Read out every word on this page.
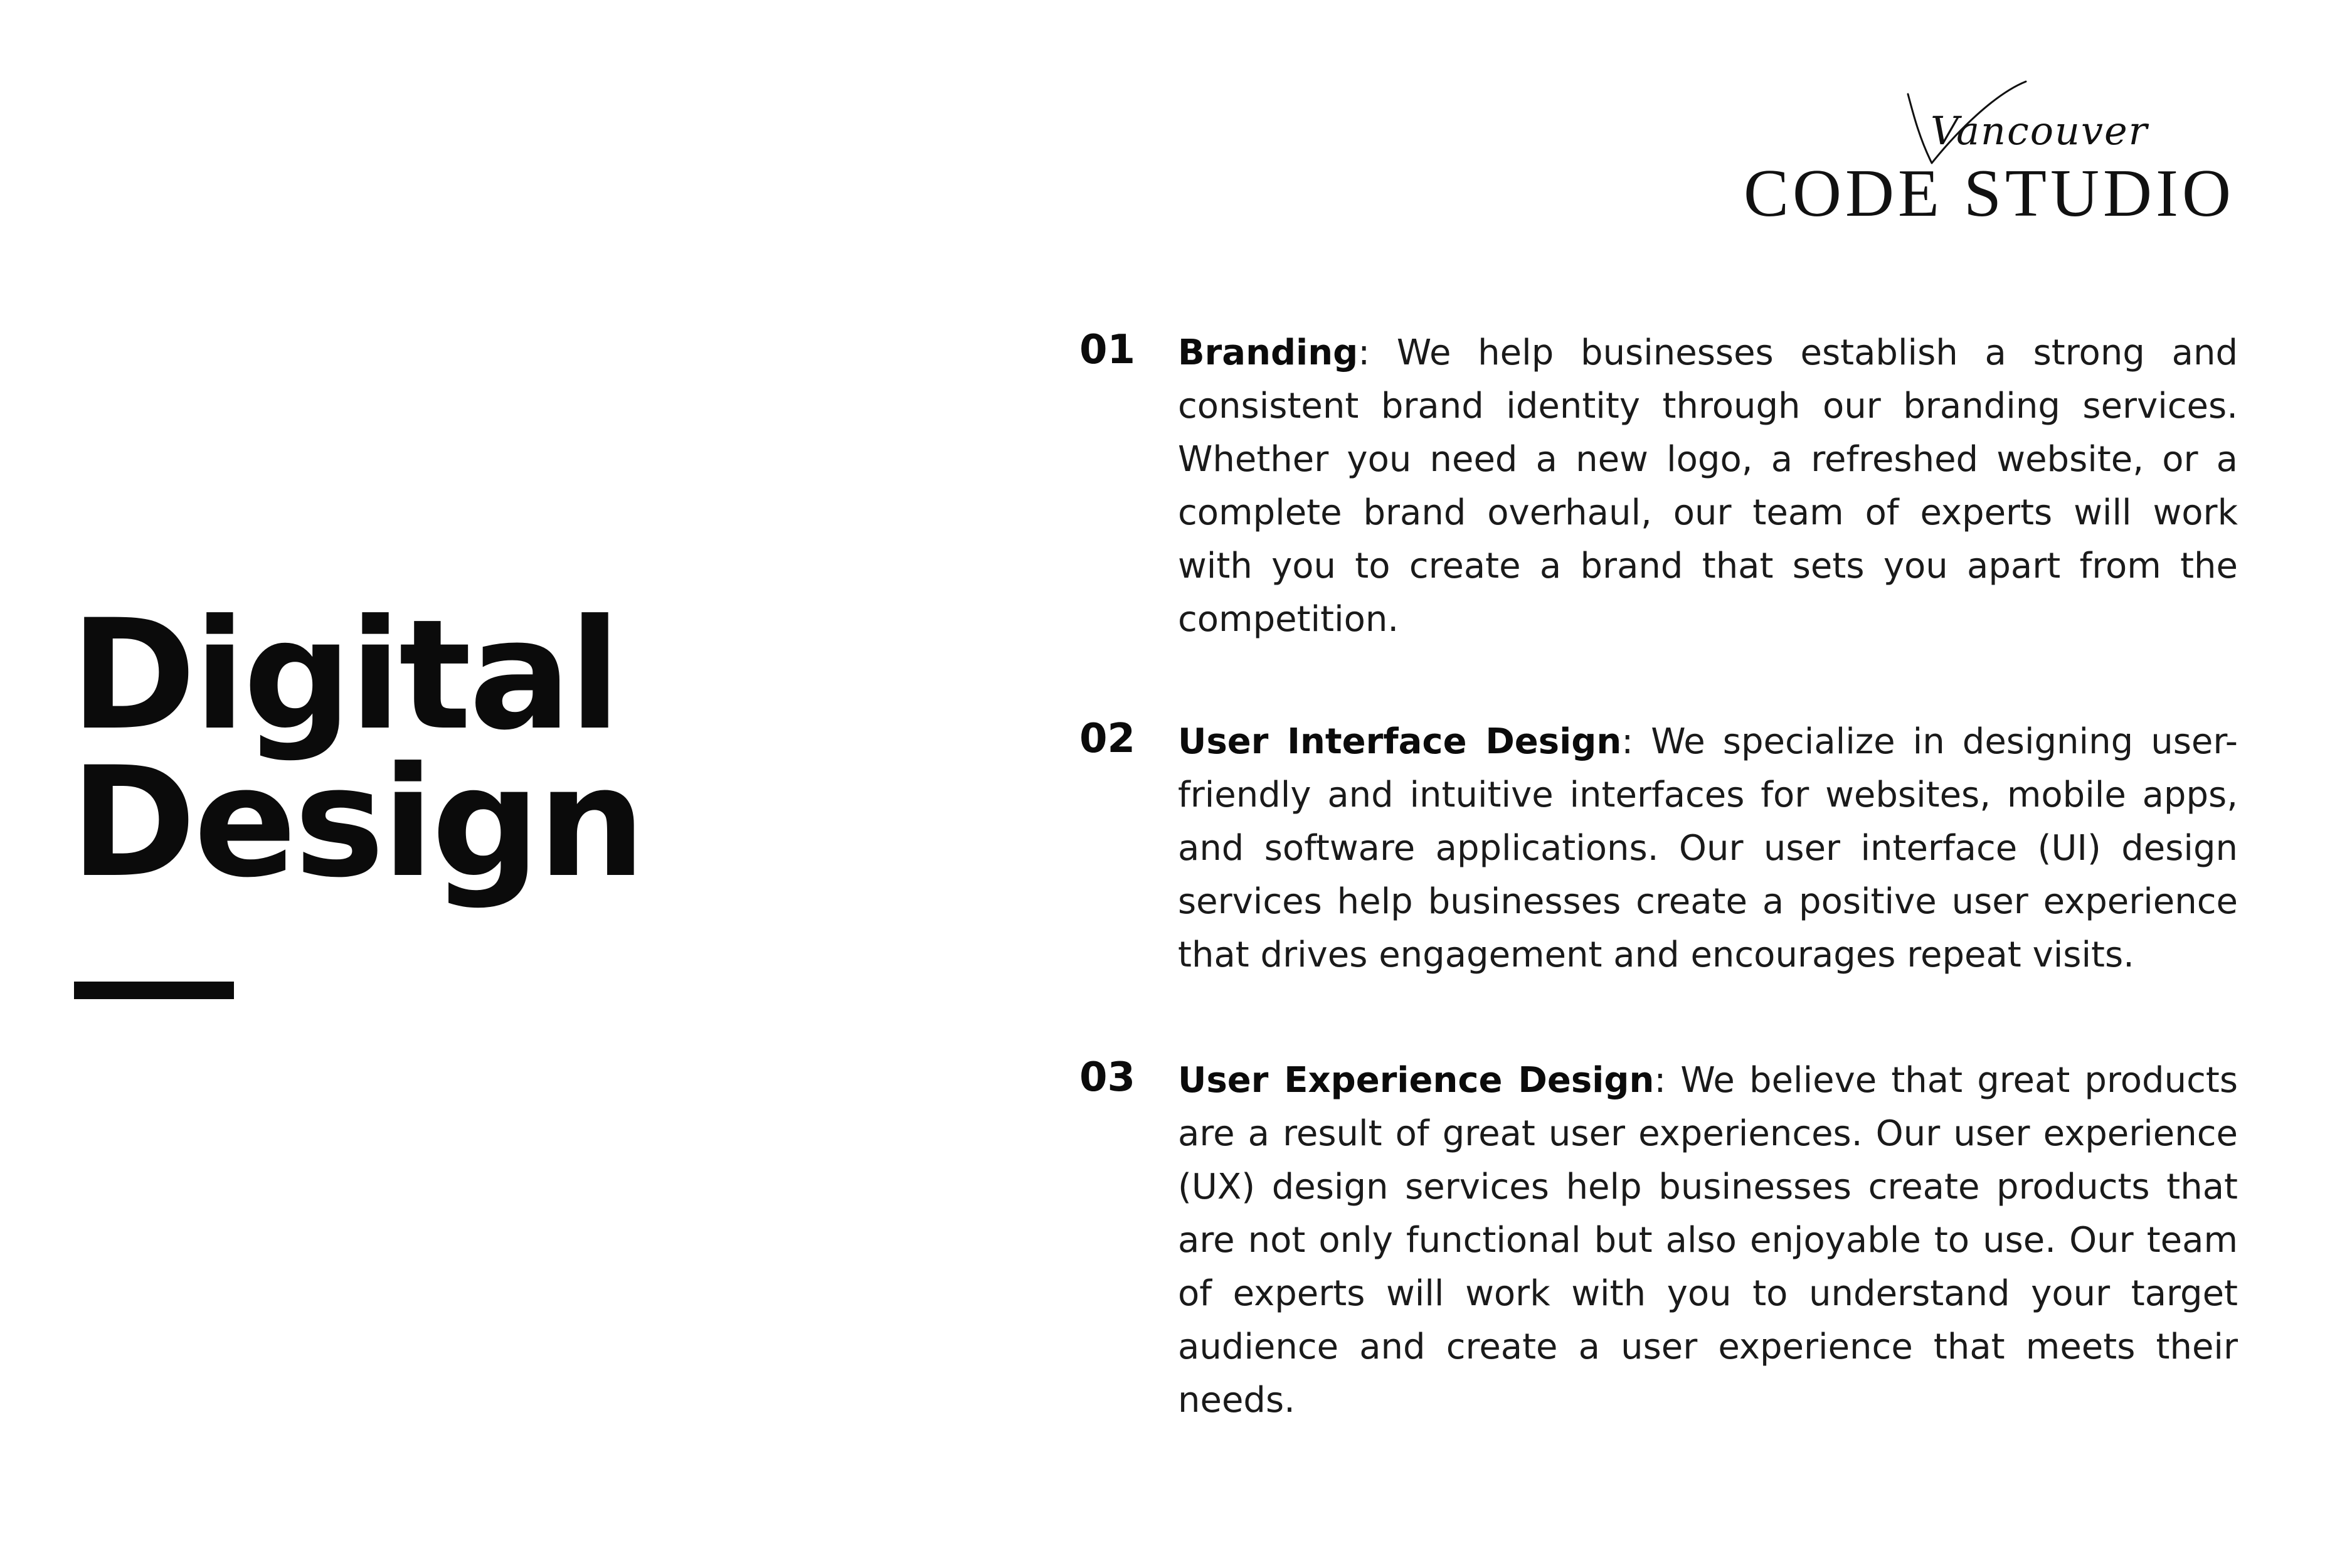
Vancouver
CODE STUDIO
Digital
Design
01 Branding: We help businesses establish a strong and consistent brand identity through our branding services. Whether you need a new logo, a refreshed website, or a complete brand overhaul, our team of experts will work with you to create a brand that sets you apart from the competition.

02 User Interface Design: We specialize in designing user-friendly and intuitive interfaces for websites, mobile apps, and software applications. Our user interface (UI) design services help businesses create a positive user experience that drives engagement and encourages repeat visits.

03 User Experience Design: We believe that great products are a result of great user experiences. Our user experience (UX) design services help businesses create products that are not only functional but also enjoyable to use. Our team of experts will work with you to understand your target audience and create a user experience that meets their needs.
